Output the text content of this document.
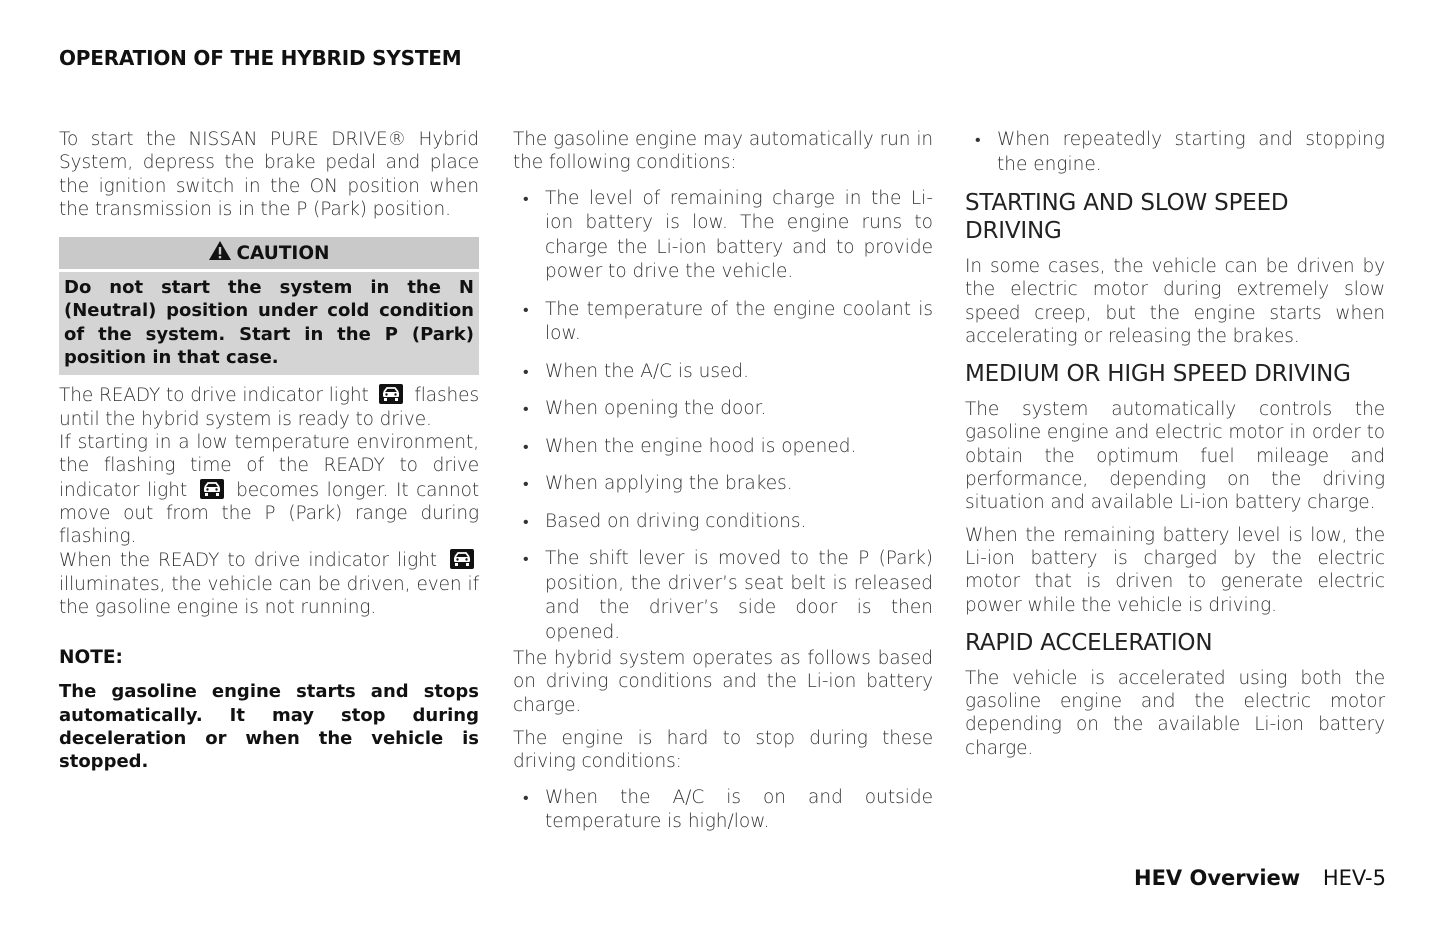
OPERATION OF THE HYBRID SYSTEM

To start the NISSAN PURE DRIVE® Hybrid System, depress the brake pedal and place the ignition switch in the ON position when the transmission is in the P (Park) position.

CAUTION
Do not start the system in the N (Neutral) position under cold condition of the system. Start in the P (Park) position in that case.

The READY to drive indicator light flashes until the hybrid system is ready to drive.

If starting in a low temperature environment, the flashing time of the READY to drive indicator light	becomes longer. It cannot move out from the P (Park) range during flashing.

When the READY to drive indicator light  illuminates, the vehicle can be driven, even if the gasoline engine is not running.

NOTE:
The gasoline engine starts and stops automatically. It may stop during deceleration or when the vehicle is stopped.

The gasoline engine may automatically run in the following conditions:

• The level of remaining charge in the Li-ion battery is low. The engine runs to charge the Li-ion battery and to provide power to drive the vehicle.
• The temperature of the engine coolant is low.
• When the A/C is used.
• When opening the door.
• When the engine hood is opened.
• When applying the brakes.
• Based on driving conditions.
• The shift lever is moved to the P (Park) position, the driver’s seat belt is released and the driver’s side door is then opened.

The hybrid system operates as follows based on driving conditions and the Li-ion battery charge.

The engine is hard to stop during these driving conditions:

• When the A/C is on and outside temperature is high/low.
• When repeatedly starting and stopping the engine.
STARTING AND SLOW SPEED DRIVING

In some cases, the vehicle can be driven by the electric motor during extremely slow speed creep, but the engine starts when accelerating or releasing the brakes.

MEDIUM OR HIGH SPEED DRIVING

The system automatically controls the gasoline engine and electric motor in order to obtain the optimum fuel mileage and performance, depending on the driving situation and available Li-ion battery charge.

When the remaining battery level is low, the Li-ion battery is charged by the electric motor that is driven to generate electric power while the vehicle is driving.

RAPID ACCELERATION

The vehicle is accelerated using both the gasoline engine and the electric motor depending on the available Li-ion battery charge.

HEV Overview HEV-5
